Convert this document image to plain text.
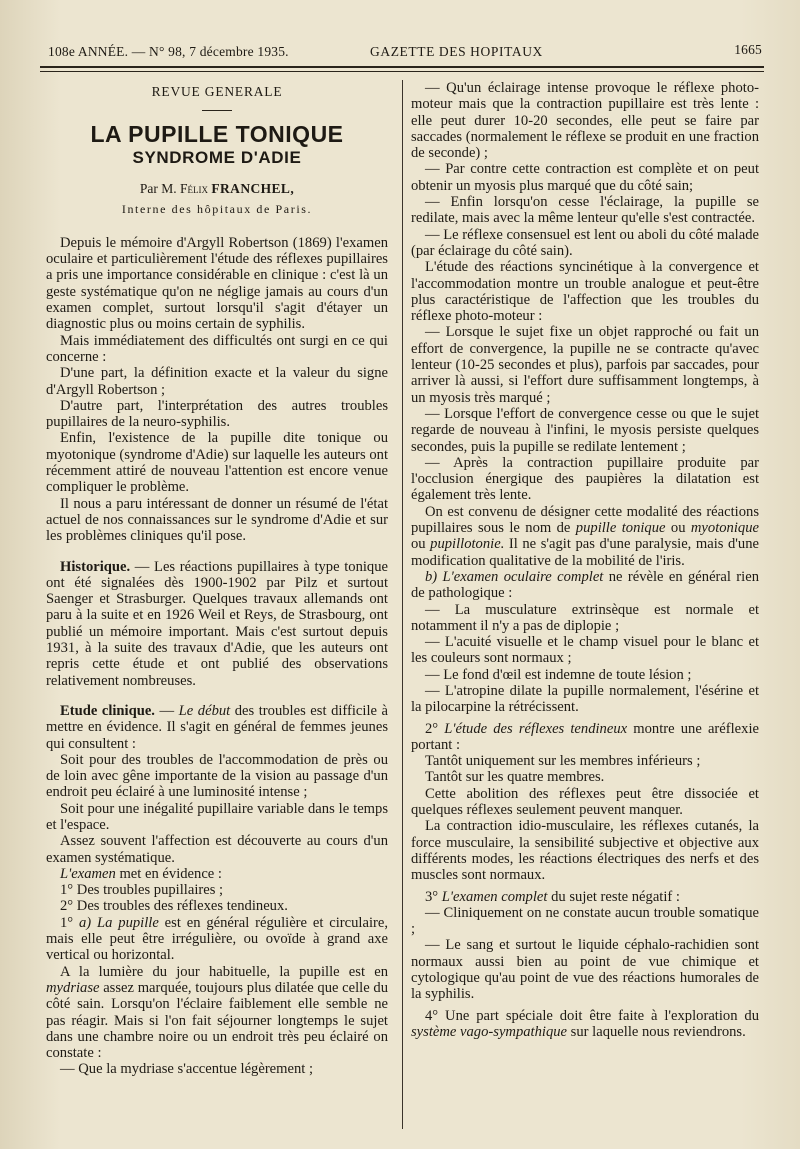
108e ANNÉE. — N° 98, 7 décembre 1935.	GAZETTE DES HOPITAUX	1665
REVUE GENERALE
LA PUPILLE TONIQUE
SYNDROME D'ADIE
Par M. Félix FRANCHEL,
Interne des hôpitaux de Paris.

Depuis le mémoire d'Argyll Robertson (1869) l'examen oculaire et particulièrement l'étude des réflexes pupillaires a pris une importance considérable en clinique : c'est là un geste systématique qu'on ne néglige jamais au cours d'un examen complet, surtout lorsqu'il s'agit d'étayer un diagnostic plus ou moins certain de syphilis.

Mais immédiatement des difficultés ont surgi en ce qui concerne :

D'une part, la définition exacte et la valeur du signe d'Argyll Robertson ;

D'autre part, l'interprétation des autres troubles pupillaires de la neuro-syphilis.

Enfin, l'existence de la pupille dite tonique ou myotonique (syndrome d'Adie) sur laquelle les auteurs ont récemment attiré de nouveau l'attention est encore venue compliquer le problème.

Il nous a paru intéressant de donner un résumé de l'état actuel de nos connaissances sur le syndrome d'Adie et sur les problèmes cliniques qu'il pose.

Historique. — Les réactions pupillaires à type tonique ont été signalées dès 1900-1902 par Pilz et surtout Saenger et Strasburger. Quelques travaux allemands ont paru à la suite et en 1926 Weil et Reys, de Strasbourg, ont publié un mémoire important. Mais c'est surtout depuis 1931, à la suite des travaux d'Adie, que les auteurs ont repris cette étude et ont publié des observations relativement nombreuses.

Etude clinique. — Le début des troubles est difficile à mettre en évidence. Il s'agit en général de femmes jeunes qui consultent :

Soit pour des troubles de l'accommodation de près ou de loin avec gêne importante de la vision au passage d'un endroit peu éclairé à une luminosité intense ;

Soit pour une inégalité pupillaire variable dans le temps et l'espace.

Assez souvent l'affection est découverte au cours d'un examen systématique.

L'examen met en évidence :

1° Des troubles pupillaires ;

2° Des troubles des réflexes tendineux.

1° a) La pupille est en général régulière et circulaire, mais elle peut être irrégulière, ou ovoïde à grand axe vertical ou horizontal.

A la lumière du jour habituelle, la pupille est en mydriase assez marquée, toujours plus dilatée que celle du côté sain. Lorsqu'on l'éclaire faiblement elle semble ne pas réagir. Mais si l'on fait séjourner longtemps le sujet dans une chambre noire ou un endroit très peu éclairé on constate :

— Que la mydriase s'accentue légèrement ;

— Qu'un éclairage intense provoque le réflexe photo-moteur mais que la contraction pupillaire est très lente : elle peut durer 10-20 secondes, elle peut se faire par saccades (normalement le réflexe se produit en une fraction de seconde) ;

— Par contre cette contraction est complète et on peut obtenir un myosis plus marqué que du côté sain;

— Enfin lorsqu'on cesse l'éclairage, la pupille se redilate, mais avec la même lenteur qu'elle s'est contractée.

— Le réflexe consensuel est lent ou aboli du côté malade (par éclairage du côté sain).

L'étude des réactions syncinétique à la convergence et l'accommodation montre un trouble analogue et peut-être plus caractéristique de l'affection que les troubles du réflexe photo-moteur :

— Lorsque le sujet fixe un objet rapproché ou fait un effort de convergence, la pupille ne se contracte qu'avec lenteur (10-25 secondes et plus), parfois par saccades, pour arriver là aussi, si l'effort dure suffisamment longtemps, à un myosis très marqué ;

— Lorsque l'effort de convergence cesse ou que le sujet regarde de nouveau à l'infini, le myosis persiste quelques secondes, puis la pupille se redilate lentement ;

— Après la contraction pupillaire produite par l'occlusion énergique des paupières la dilatation est également très lente.

On est convenu de désigner cette modalité des réactions pupillaires sous le nom de pupille tonique ou myotonique ou pupillotonie. Il ne s'agit pas d'une paralysie, mais d'une modification qualitative de la mobilité de l'iris.

b) L'examen oculaire complet ne révèle en général rien de pathologique :

— La musculature extrinsèque est normale et notamment il n'y a pas de diplopie ;

— L'acuité visuelle et le champ visuel pour le blanc et les couleurs sont normaux ;

— Le fond d'œil est indemne de toute lésion ;

— L'atropine dilate la pupille normalement, l'ésérine et la pilocarpine la rétrécissent.

2° L'étude des réflexes tendineux montre une aréflexie portant :

Tantôt uniquement sur les membres inférieurs ;

Tantôt sur les quatre membres.

Cette abolition des réflexes peut être dissociée et quelques réflexes seulement peuvent manquer.

La contraction idio-musculaire, les réflexes cutanés, la force musculaire, la sensibilité subjective et objective aux différents modes, les réactions électriques des nerfs et des muscles sont normaux.

3° L'examen complet du sujet reste négatif :

— Cliniquement on ne constate aucun trouble somatique ;

— Le sang et surtout le liquide céphalo-rachidien sont normaux aussi bien au point de vue chimique et cytologique qu'au point de vue des réactions humorales de la syphilis.

4° Une part spéciale doit être faite à l'exploration du système vago-sympathique sur laquelle nous reviendrons.
